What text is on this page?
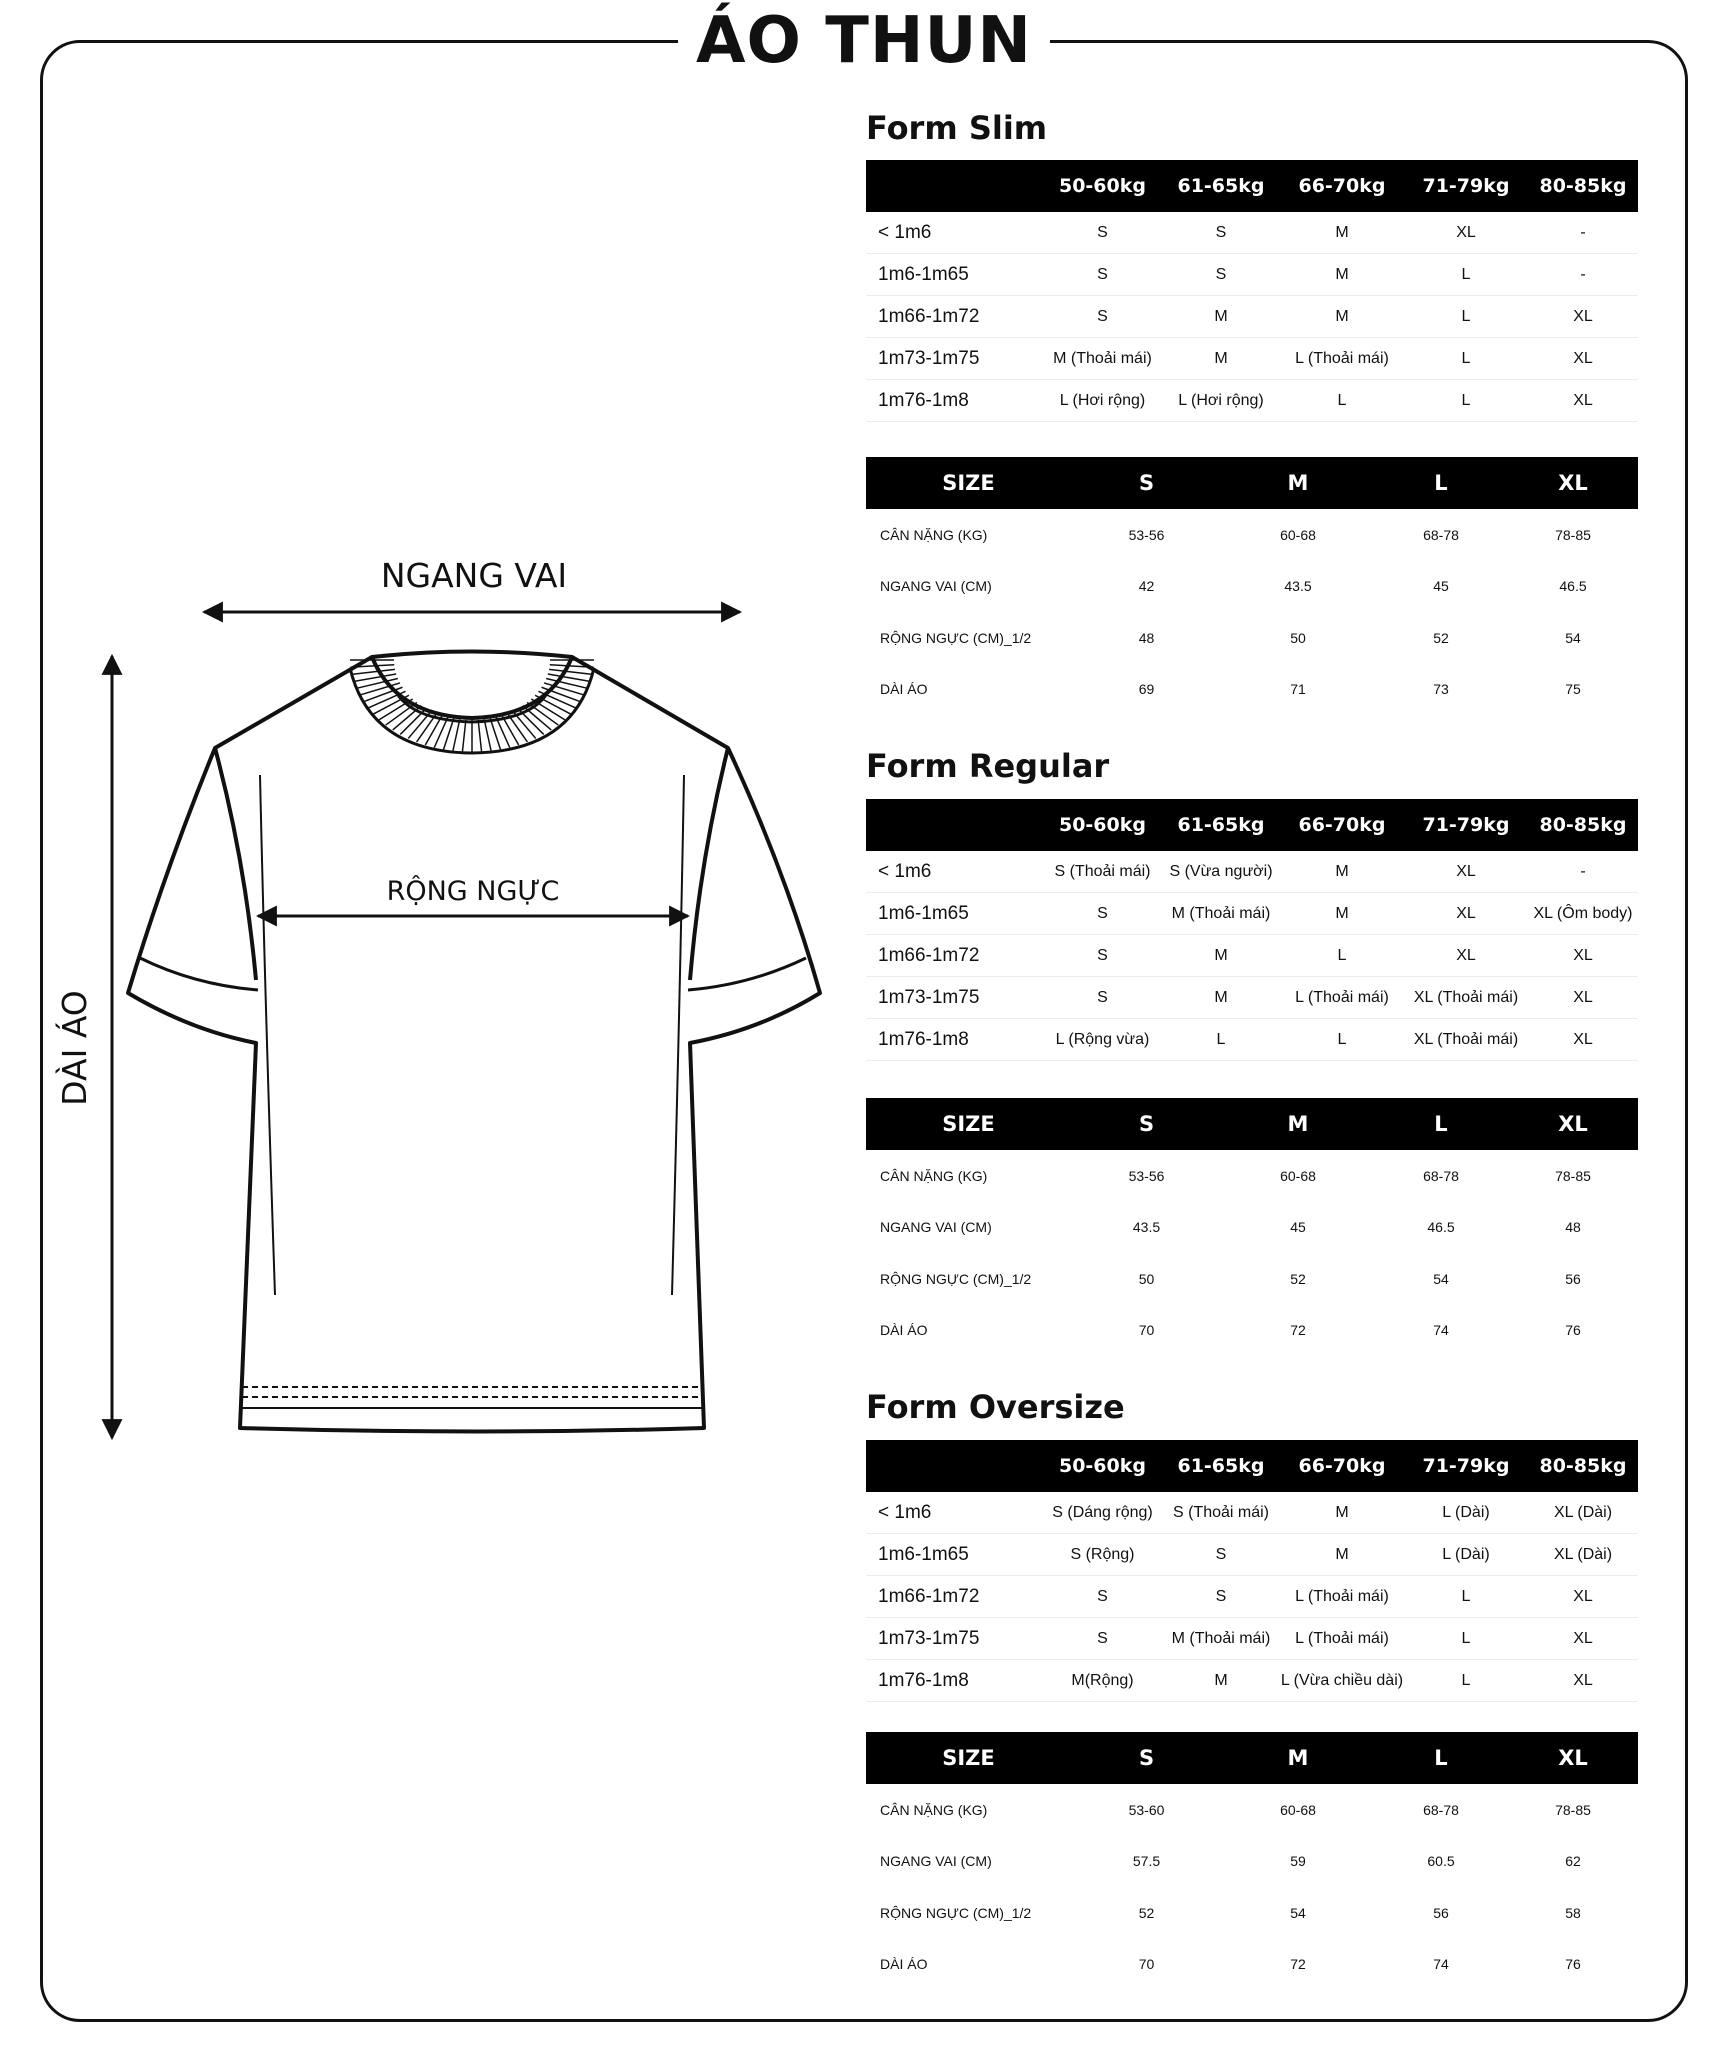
ÁO THUN
NGANG VAI
DÀI ÁO
RỘNG NGỰC
Form Slim
Form Regular
Form Oversize
	50-60kg	61-65kg	66-70kg	71-79kg	80-85kg
< 1m6	S	S	M	XL	-
1m6-1m65	S	S	M	L	-
1m66-1m72	S	M	M	L	XL
1m73-1m75	M (Thoải mái)	M	L (Thoải mái)	L	XL
1m76-1m8	L (Hơi rộng)	L (Hơi rộng)	L	L	XL
SIZE	S	M	L	XL
CÂN NẶNG (KG)	53-56	60-68	68-78	78-85
NGANG VAI (CM)	42	43.5	45	46.5
RỘNG NGỰC (CM)_1/2	48	50	52	54
DÀI ÁO	69	71	73	75
	50-60kg	61-65kg	66-70kg	71-79kg	80-85kg
< 1m6	S (Thoải mái)	S (Vừa người)	M	XL	-
1m6-1m65	S	M (Thoải mái)	M	XL	XL (Ôm body)
1m66-1m72	S	M	L	XL	XL
1m73-1m75	S	M	L (Thoải mái)	XL (Thoải mái)	XL
1m76-1m8	L (Rộng vừa)	L	L	XL (Thoải mái)	XL
SIZE	S	M	L	XL
CÂN NẶNG (KG)	53-56	60-68	68-78	78-85
NGANG VAI (CM)	43.5	45	46.5	48
RỘNG NGỰC (CM)_1/2	50	52	54	56
DÀI ÁO	70	72	74	76
	50-60kg	61-65kg	66-70kg	71-79kg	80-85kg
< 1m6	S (Dáng rộng)	S (Thoải mái)	M	L (Dài)	XL (Dài)
1m6-1m65	S (Rộng)	S	M	L (Dài)	XL (Dài)
1m66-1m72	S	S	L (Thoải mái)	L	XL
1m73-1m75	S	M (Thoải mái)	L (Thoải mái)	L	XL
1m76-1m8	M(Rộng)	M	L (Vừa chiều dài)	L	XL
SIZE	S	M	L	XL
CÂN NẶNG (KG)	53-60	60-68	68-78	78-85
NGANG VAI (CM)	57.5	59	60.5	62
RỘNG NGỰC (CM)_1/2	52	54	56	58
DÀI ÁO	70	72	74	76
